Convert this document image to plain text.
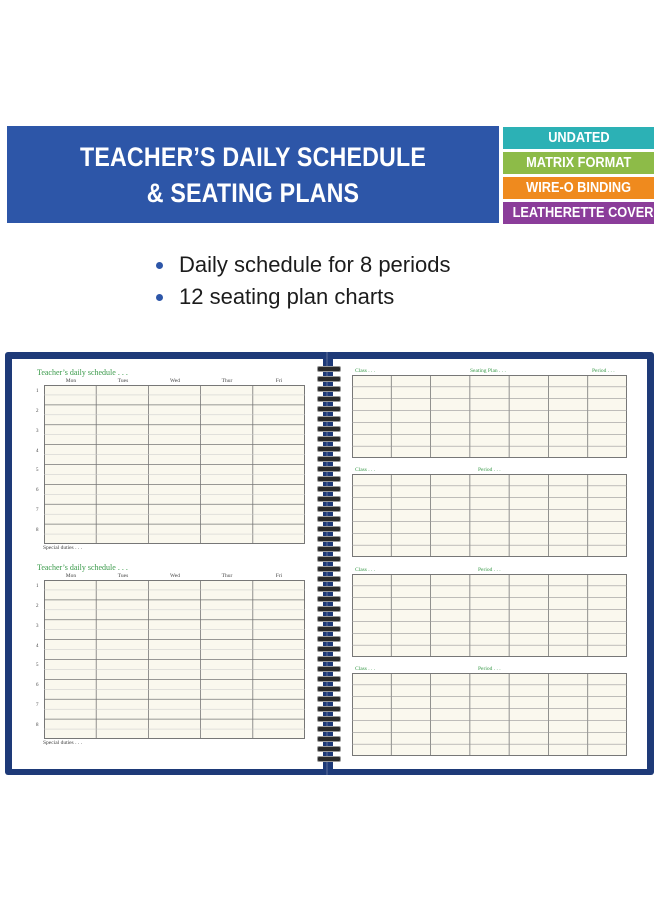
TEACHER’S DAILY SCHEDULE
& SEATING PLANS
UNDATED
MATRIX FORMAT
WIRE-O BINDING
LEATHERETTE COVER
Daily schedule for 8 periods
12 seating plan charts
Teacher’s daily schedule . . .
Mon	Tues	Wed	Thur	Fri
1
2
3
4
5
6
7
8
Special duties . . .
Teacher’s daily schedule . . .
Mon	Tues	Wed	Thur	Fri
1
2
3
4
5
6
7
8
Special duties . . .
Class . . .	Seating Plan . . .	Period . . .
Class . . .	Period . . .
Class . . .	Period . . .
Class . . .	Period . . .
